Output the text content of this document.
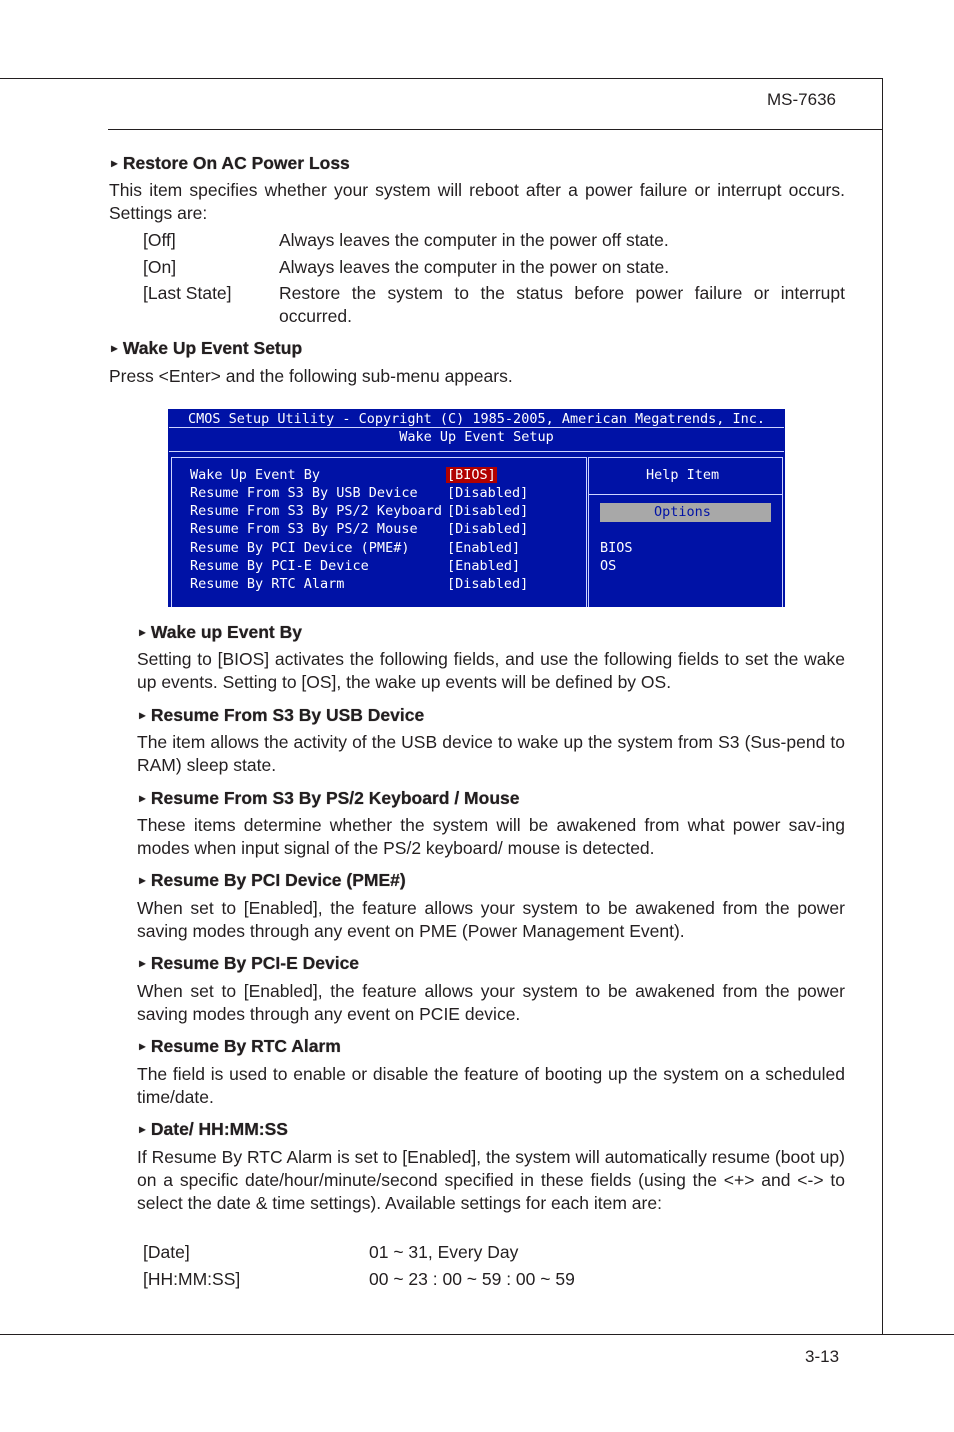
MS-7636
► Restore On AC Power Loss
This item specifies whether your system will reboot after a power failure or interrupt occurs. Settings are:
[Off]	Always leaves the computer in the power off state.
[On]	Always leaves the computer in the power on state.
[Last State]	Restore the system to the status before power failure or interrupt occurred.
► Wake Up Event Setup
Press <Enter> and the following sub-menu appears.
CMOS Setup Utility - Copyright (C) 1985-2005, American Megatrends, Inc.
Wake Up Event Setup
Wake Up Event By	[BIOS]
Resume From S3 By USB Device [Disabled]
Resume From S3 By PS/2 Keyboard [Disabled]
Resume From S3 By PS/2 Mouse [Disabled]
Resume By PCI Device (PME#)	[Enabled]
Resume By PCI-E Device	[Enabled]
Resume By RTC Alarm	[Disabled]
Help Item
Options
BIOS
OS
► Wake up Event By
Setting to [BIOS] activates the following fields, and use the following fields to set the wake up events. Setting to [OS], the wake up events will be defined by OS.
► Resume From S3 By USB Device
The item allows the activity of the USB device to wake up the system from S3 (Sus-pend to RAM) sleep state.
► Resume From S3 By PS/2 Keyboard / Mouse
These items determine whether the system will be awakened from what power sav-ing modes when input signal of the PS/2 keyboard/ mouse is detected.
► Resume By PCI Device (PME#)
When set to [Enabled], the feature allows your system to be awakened from the power saving modes through any event on PME (Power Management Event).
► Resume By PCI-E Device
When set to [Enabled], the feature allows your system to be awakened from the power saving modes through any event on PCIE device.
► Resume By RTC Alarm
The field is used to enable or disable the feature of booting up the system on a scheduled time/date.
► Date/ HH:MM:SS
If Resume By RTC Alarm is set to [Enabled], the system will automatically resume (boot up) on a specific date/hour/minute/second specified in these fields (using the <+> and <-> to select the date & time settings). Available settings for each item are:
[Date]	01 ~ 31, Every Day
[HH:MM:SS]	00 ~ 23 : 00 ~ 59 : 00 ~ 59
3-13
